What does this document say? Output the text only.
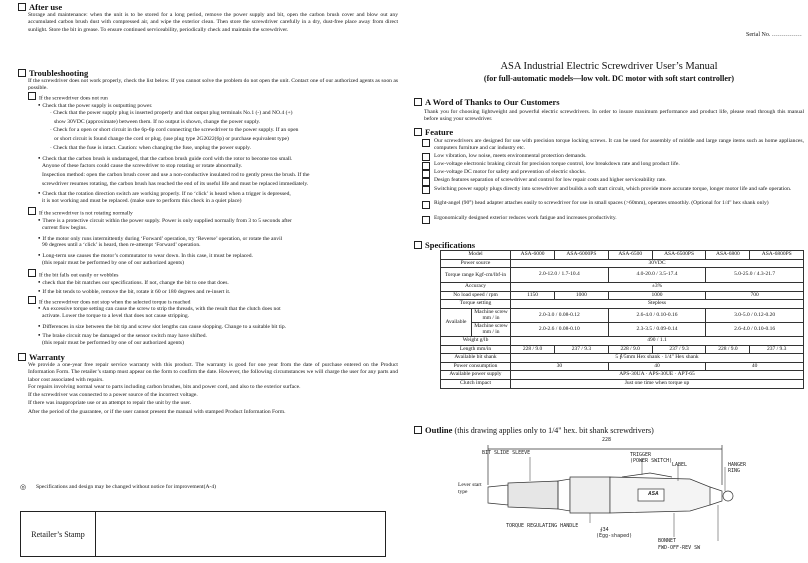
After use
Storage and maintenance: when the unit is to be stored for a long period, remove the power supply and bit, open the carbon brush cover and blow out any accumulated carbon brush dust with compressed air, and wipe the exterior clean. Then store the screwdriver carefully in a dry, dust-free place away from direct sunlight. Store the bit in grease. To ensure continued serviceability, periodically check and maintain the screwdriver.
Troubleshooting
If the screwdriver does not work properly, check the list below. If you cannot solve the problem do not open the unit. Contact one of our authorized agents as soon as possible.
If the screwdriver does not run
● Check that the power supply is outputting power.
· Check that the power supply plug is inserted properly and that output plug terminals No.1 (-) and NO.4 (+)
show 30VDC (approximate) between them. If no output is shown, change the power supply.
· Check for a open or short circuit in the 6p-6p cord connecting the screwdriver to the power supply. If an open
or short circuit is found change the cord or plug. (use plug type 2G2022(6p) or purchase equivalent type)
· Check that the fuse is intact. Caution: when changing the fuse, unplug the power supply.
● Check that the carbon brush is undamaged, that the carbon brush guide cord with the rotor to become too small.
Anyone of these factors could cause the screwdriver to stop rotating or rotate abnormally.
Inspection method: open the carbon brush cover and use a non-conductive insulated rod to gently press the brush. If the
screwdriver resumes rotating, the carbon brush has reached the end of its useful life and must be replaced immediately.
● Check that the rotation direction switch are working properly. If no ‘click’ is heard when a trigger is depressed,
it is not working and must be replaced. (make sure to perform this check in a quiet place)
If the screwdriver is not rotating normally
● There is a protective circuit within the power supply. Power is only supplied normally from 3 to 5 seconds after
current flow begins.
● If the motor only runs intermittently during ‘Forward’ operation, try ‘Reverse’ operation, or rotate the anvil
90 degrees until a ‘click’ is heard, then re-attempt ‘Forward’ operation.
● Long-term use causes the motor’s commutator to wear down. In this case, it must be replaced.
(this repair must be performed by one of our authorized agents)
If the bit falls out easily or wobbles
● check that the bit matches our specifications. If not, change the bit to one that does.
● If the bit tends to wobble, remove the bit, rotate it 60 or 180 degrees and re-insert it.
If the screwdriver does not stop when the selected torque is reached
● An excessive torque setting can cause the screw to strip the threads, with the result that the clutch does not
activate. Lower the torque to a level that does not cause stripping.
● Differences in size between the bit tip and screw slot lengths can cause slopping. Change to a suitable bit tip.
● The brake circuit may be damaged or the sensor switch may have shifted.
(this repair must be performed by one of our authorized agents)
Warranty
We provide a one-year free repair service warranty with this product. The warranty is good for one year from the date of purchase entered on the Product Information Form. The retailer’s stamp must appear on the form to confirm the date. However, the following circumstances we will charge the user for any parts and labor cost associated with repairs.
For repairs involving normal wear to parts including carbon brushes, bits and power cord, and also to the exterior surface.
If the screwdriver was connected to a power source of the incorrect voltage.
If there was inappropriate use or an attempt to repair the unit by the user.
After the period of the guarantee, or if the user cannot present the manual with stamped Product Information Form.
Retailer’s Stamp
◎ Specifications and design may be changed without notice for improvement(A-4)
Serial No. ……………
ASA Industrial Electric Screwdriver User’s Manual
(for full-automatic models—low volt. DC motor with soft start controller)
A Word of Thanks to Our Customers
Thank you for choosing lightweight and powerful electric screwdrivers. In order to insure maximum performance and product life, please read through this manual before using your screwdriver.
Feature
Our screwdrivers are designed for use with precision torque locking screws. It can be used for assembly of middle and large range items such as home appliances, computers furniture and car industry etc.
Low vibration, low noise, meets environmental protection demands.
Low-voltage electronic braking circuit for precision torque control, low breakdown rate and long product life.
Low-voltage DC motor for safety and prevention of electric shocks.
Design features separation of screwdriver and control for low repair costs and higher serviceability rate.
Switching power supply plugs directly into screwdriver and builds a soft start circuit, which provide more accurate torque, longer motor life and safe operation.
Right-angel (90°) head adapter attaches easily to screwdriver for use in small spaces (>60mm), operates smoothly. (Optional for 1/4" hex shank only)
Ergonomically designed exterior reduces work fatigue and increases productivity.
Specifications
Model		ASA-6000	ASA-6000PS	ASA-6500	ASA-6500PS	ASA-6800	ASA-6800PS
Power source		30VDC					
Torque range Kgf-cm/lbf-in		2.0-12.0 / 1.7-10.4		4.0-20.0 / 3.5-17.4		5.0-25.0 / 4.3-21.7	
Accuracy		±3%					
No load speed / rpm		1150	1000	1000		700	
Torque setting		Stepless					
Available	Machine screw mm / in	2.0-3.0 / 0.08-0.12		2.6-4.0 / 0.10-0.16		3.0-5.0 / 0.12-0.20	
	Machine screw mm / in	2.0-2.6 / 0.08-0.10		2.3-3.5 / 0.09-0.14		2.6-4.0 / 0.10-0.16	
Weight g/lb		490 / 1.1					
Length mm/in		228 / 9.0	237 / 9.3	228 / 9.0	237 / 9.3	228 / 9.0	237 / 9.3
Available bit shank		5 ∮/5mm Hex shank · 1/4" Hex shank					
Power consumption		30		40		40	
Available power supply		APS-30UA · APS-30UE · APT-65					
Clutch impact		Just one time when torque up					
Outline (this drawing applies only to 1/4" hex. bit shank screwdrivers)
228
BIT SLIDE SLEEVE	TRIGGER
(POWER SWITCH)
LABEL	HANGER RING
Lever start type	ASA
TORQUE REGULATING HANDLE
∮34
(Egg-shaped)
BONNET
FWD-OFF-REV SW
